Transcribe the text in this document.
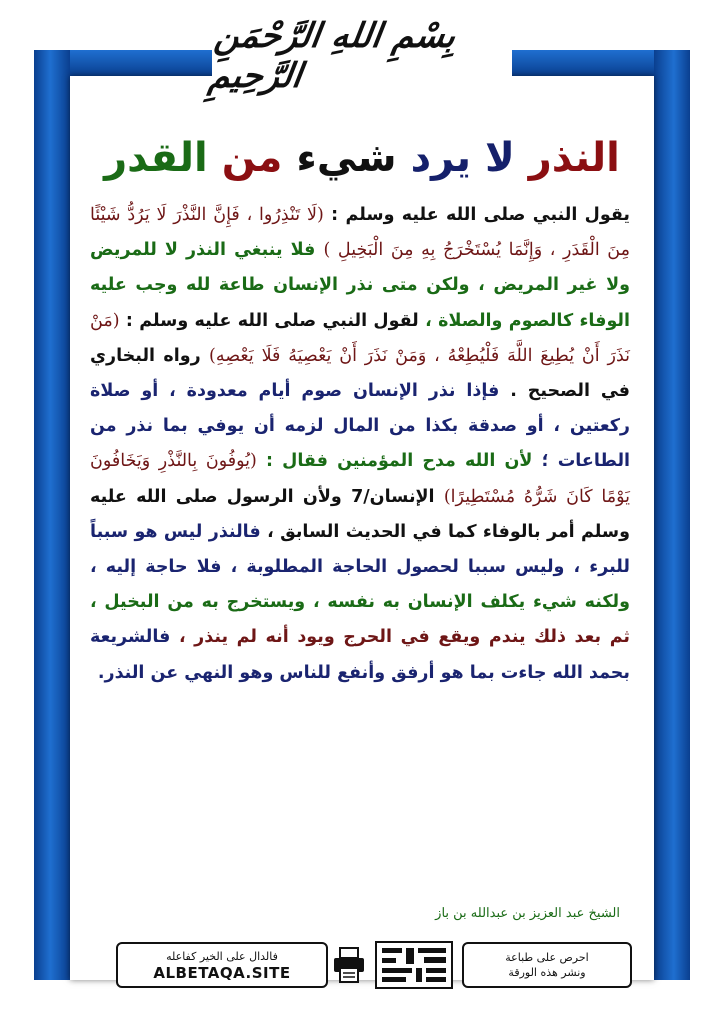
بِسْمِ اللهِ الرَّحْمَنِ الرَّحِيمِ
النذر لا يرد شيء من القدر
يقول النبي صلى الله عليه وسلم : (لَا تَنْذِرُوا ، فَإِنَّ النَّذْرَ لَا يَرُدُّ شَيْئًا مِنَ الْقَدَرِ ، وَإِنَّمَا يُسْتَخْرَجُ بِهِ مِنَ الْبَخِيلِ ) فلا ينبغي النذر لا للمريض ولا غير المريض ، ولكن متى نذر الإنسان طاعة لله وجب عليه الوفاء كالصوم والصلاة ، لقول النبي صلى الله عليه وسلم : (مَنْ نَذَرَ أَنْ يُطِيعَ اللَّهَ فَلْيُطِعْهُ ، وَمَنْ نَذَرَ أَنْ يَعْصِيَهُ فَلَا يَعْصِهِ) رواه البخاري في الصحيح . فإذا نذر الإنسان صوم أيام معدودة ، أو صلاة ركعتين ، أو صدقة بكذا من المال لزمه أن يوفي بما نذر من الطاعات ؛ لأن الله مدح المؤمنين فقال : (يُوفُونَ بِالنَّذْرِ وَيَخَافُونَ يَوْمًا كَانَ شَرُّهُ مُسْتَطِيرًا) الإنسان/7 ولأن الرسول صلى الله عليه وسلم أمر بالوفاء كما في الحديث السابق ، فالنذر ليس هو سبباً للبرء ، وليس سببا لحصول الحاجة المطلوبة ، فلا حاجة إليه ، ولكنه شيء يكلف الإنسان به نفسه ، ويستخرج به من البخيل ، ثم بعد ذلك يندم ويقع في الحرج ويود أنه لم ينذر ، فالشريعة بحمد الله جاءت بما هو أرفق وأنفع للناس وهو النهي عن النذر.
الشيخ عبد العزيز بن عبدالله بن باز
فالدال على الخير كفاعله
ALBETAQA.SITE
احرص على طباعة
ونشر هذه الورقة
